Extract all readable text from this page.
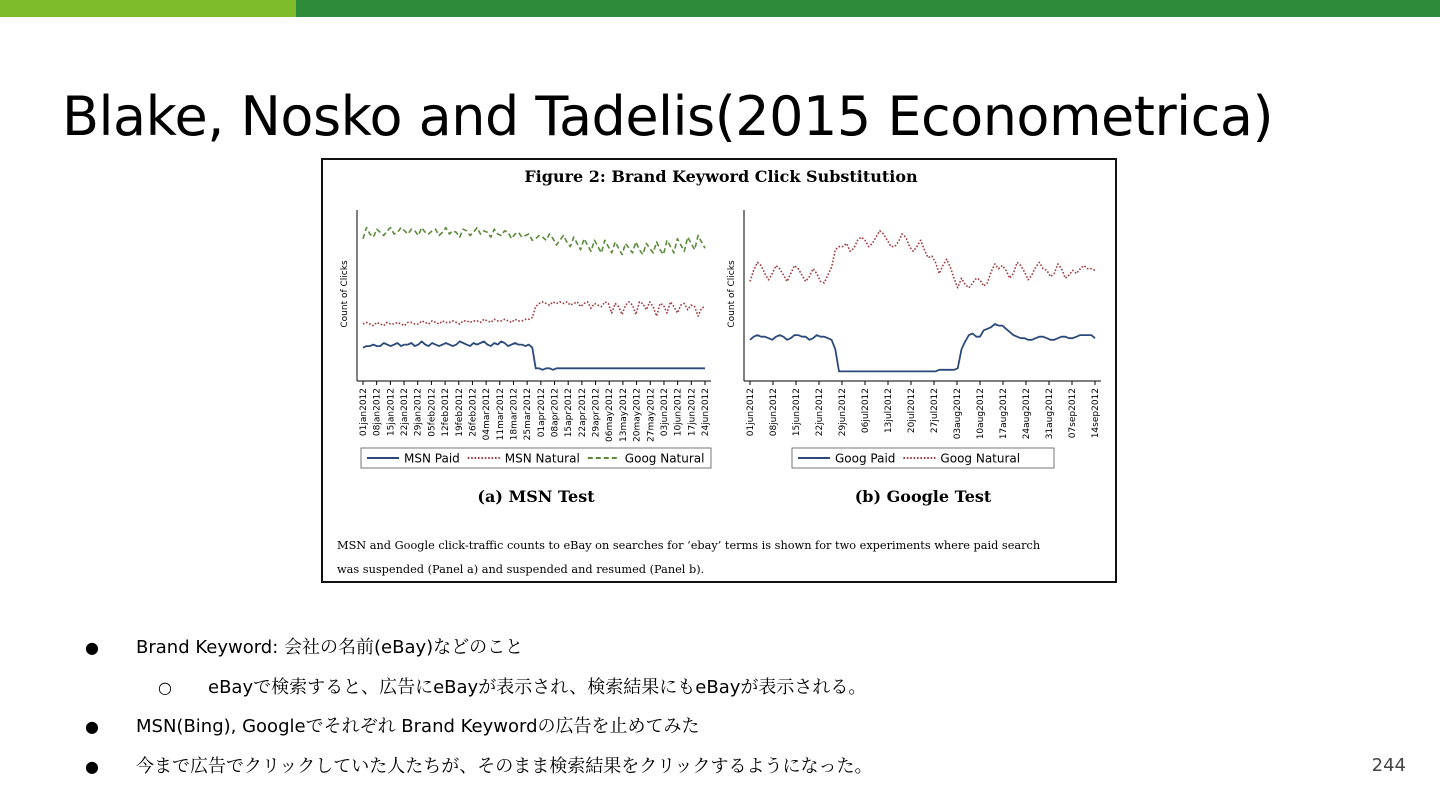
Blake, Nosko and Tadelis(2015 Econometrica)
Figure 2: Brand Keyword Click Substitution
Count of Clicks
01jan2012 08jan2012 15jan2012 22jan2012 29jan2012 05feb2012 12feb2012 19feb2012 26feb2012 04mar2012 11mar2012 18mar2012 25mar2012 01apr2012 08apr2012 15apr2012 22apr2012 29apr2012 06may2012 13may2012 20may2012 27may2012 03jun2012 10jun2012 17jun2012 24jun2012
MSN Paid	MSN Natural	Goog Natural
(a) MSN Test
Count of Clicks
01jun2012 08jun2012 15jun2012 22jun2012 29jun2012 06jul2012 13jul2012 20jul2012 27jul2012 03aug2012 10aug2012 17aug2012 24aug2012 31aug2012 07sep2012 14sep2012
Goog Paid	Goog Natural
(b) Google Test
MSN and Google click-traffic counts to eBay on searches for ‘ebay’ terms is shown for two experiments where paid search
was suspended (Panel a) and suspended and resumed (Panel b).
● Brand Keyword: 会社の名前(eBay)などのこと
○ eBayで検索すると、広告にeBayが表示され、検索結果にもeBayが表示される。
● MSN(Bing), Googleでそれぞれ Brand Keywordの広告を止めてみた
● 今まで広告でクリックしていた人たちが、そのまま検索結果をクリックするようになった。	244
